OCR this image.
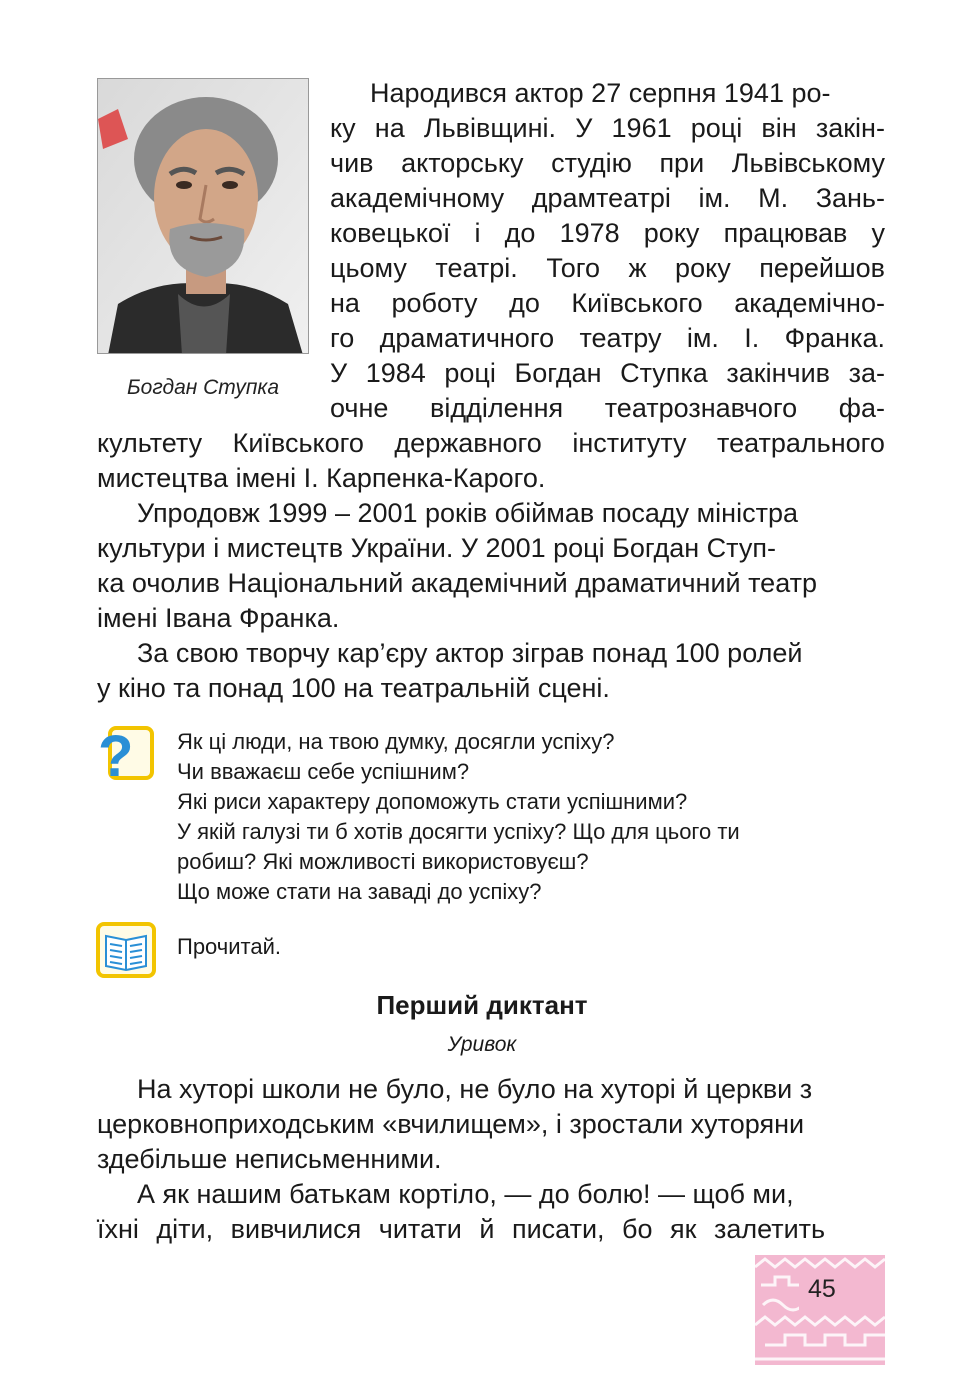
Богдан Ступка
Народився актор 27 серпня 1941 ро-
ку на Львівщині. У 1961 році він закін-
чив акторську студію при Львівському
академічному драмтеатрі ім. М. Зань-
ковецької і до 1978 року працював у
цьому театрі. Того ж року перейшов
на роботу до Київського академічно-
го драматичного театру ім. І. Франка.
У 1984 році Богдан Ступка закінчив за-
очне відділення театрознавчого фа-
культету Київського державного інституту театрального
мистецтва імені І. Карпенка-Карого.
Упродовж 1999 – 2001 років обіймав посаду міністра
культури і мистецтв України. У 2001 році Богдан Ступ-
ка очолив Національний академічний драматичний театр
імені Івана Франка.
За свою творчу кар’єру актор зіграв понад 100 ролей
у кіно та понад 100 на театральній сцені.
? Як ці люди, на твою думку, досягли успіху?
Чи вважаєш себе успішним?
Які риси характеру допоможуть стати успішними?
У якій галузі ти б хотів досягти успіху? Що для цього ти
робиш? Які можливості використовуєш?
Що може стати на заваді до успіху?
Прочитай.
Перший диктант
Уривок
На хуторі школи не було, не було на хуторі й церкви з
церковноприходським «вчилищем», і зростали хуторяни
здебільше неписьменними.
А як нашим батькам кортіло, — до болю! — щоб ми,
їхні діти, вивчилися читати й писати, бо як залетить
45
